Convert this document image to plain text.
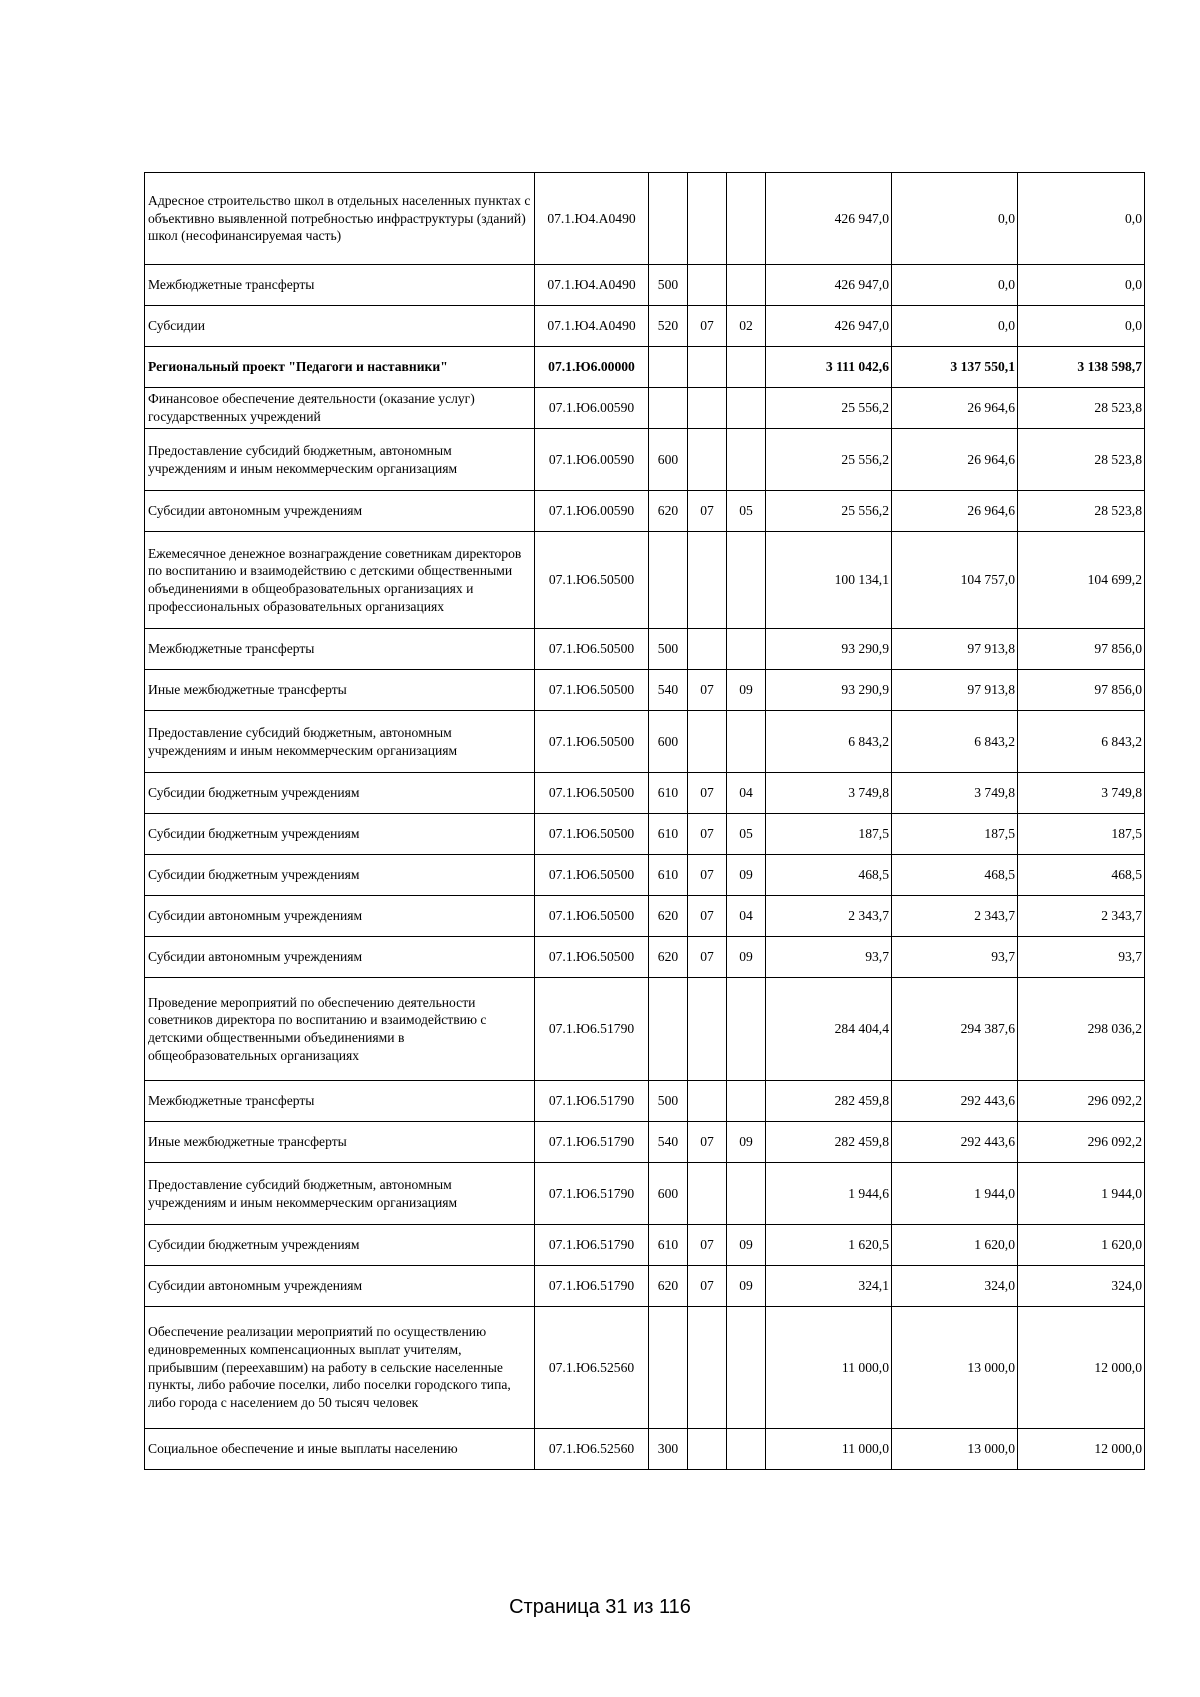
Адресное строительство школ в отдельных населенных пунктах с объективно выявленной потребностью инфраструктуры (зданий) школ (несофинансируемая часть)	07.1.Ю4.А0490				426 947,0	0,0	0,0
Межбюджетные трансферты	07.1.Ю4.А0490	500			426 947,0	0,0	0,0
Субсидии	07.1.Ю4.А0490	520	07	02	426 947,0	0,0	0,0
Региональный проект "Педагоги и наставники"	07.1.Ю6.00000				3 111 042,6	3 137 550,1	3 138 598,7
Финансовое обеспечение деятельности (оказание услуг) государственных учреждений	07.1.Ю6.00590				25 556,2	26 964,6	28 523,8
Предоставление субсидий бюджетным, автономным учреждениям и иным некоммерческим организациям	07.1.Ю6.00590	600			25 556,2	26 964,6	28 523,8
Субсидии автономным учреждениям	07.1.Ю6.00590	620	07	05	25 556,2	26 964,6	28 523,8
Ежемесячное денежное вознаграждение советникам директоров по воспитанию и взаимодействию с детскими общественными объединениями в общеобразовательных организациях и профессиональных образовательных организациях	07.1.Ю6.50500				100 134,1	104 757,0	104 699,2
Межбюджетные трансферты	07.1.Ю6.50500	500			93 290,9	97 913,8	97 856,0
Иные межбюджетные трансферты	07.1.Ю6.50500	540	07	09	93 290,9	97 913,8	97 856,0
Предоставление субсидий бюджетным, автономным учреждениям и иным некоммерческим организациям	07.1.Ю6.50500	600			6 843,2	6 843,2	6 843,2
Субсидии бюджетным учреждениям	07.1.Ю6.50500	610	07	04	3 749,8	3 749,8	3 749,8
Субсидии бюджетным учреждениям	07.1.Ю6.50500	610	07	05	187,5	187,5	187,5
Субсидии бюджетным учреждениям	07.1.Ю6.50500	610	07	09	468,5	468,5	468,5
Субсидии автономным учреждениям	07.1.Ю6.50500	620	07	04	2 343,7	2 343,7	2 343,7
Субсидии автономным учреждениям	07.1.Ю6.50500	620	07	09	93,7	93,7	93,7
Проведение мероприятий по обеспечению деятельности советников директора по воспитанию и взаимодействию с детскими общественными объединениями в общеобразовательных организациях	07.1.Ю6.51790				284 404,4	294 387,6	298 036,2
Межбюджетные трансферты	07.1.Ю6.51790	500			282 459,8	292 443,6	296 092,2
Иные межбюджетные трансферты	07.1.Ю6.51790	540	07	09	282 459,8	292 443,6	296 092,2
Предоставление субсидий бюджетным, автономным учреждениям и иным некоммерческим организациям	07.1.Ю6.51790	600			1 944,6	1 944,0	1 944,0
Субсидии бюджетным учреждениям	07.1.Ю6.51790	610	07	09	1 620,5	1 620,0	1 620,0
Субсидии автономным учреждениям	07.1.Ю6.51790	620	07	09	324,1	324,0	324,0
Обеспечение реализации мероприятий по осуществлению единовременных компенсационных выплат учителям, прибывшим (переехавшим) на работу в сельские населенные пункты, либо рабочие поселки, либо поселки городского типа, либо города с населением до 50 тысяч человек	07.1.Ю6.52560				11 000,0	13 000,0	12 000,0
Социальное обеспечение и иные выплаты населению	07.1.Ю6.52560	300			11 000,0	13 000,0	12 000,0
Страница 31 из 116
